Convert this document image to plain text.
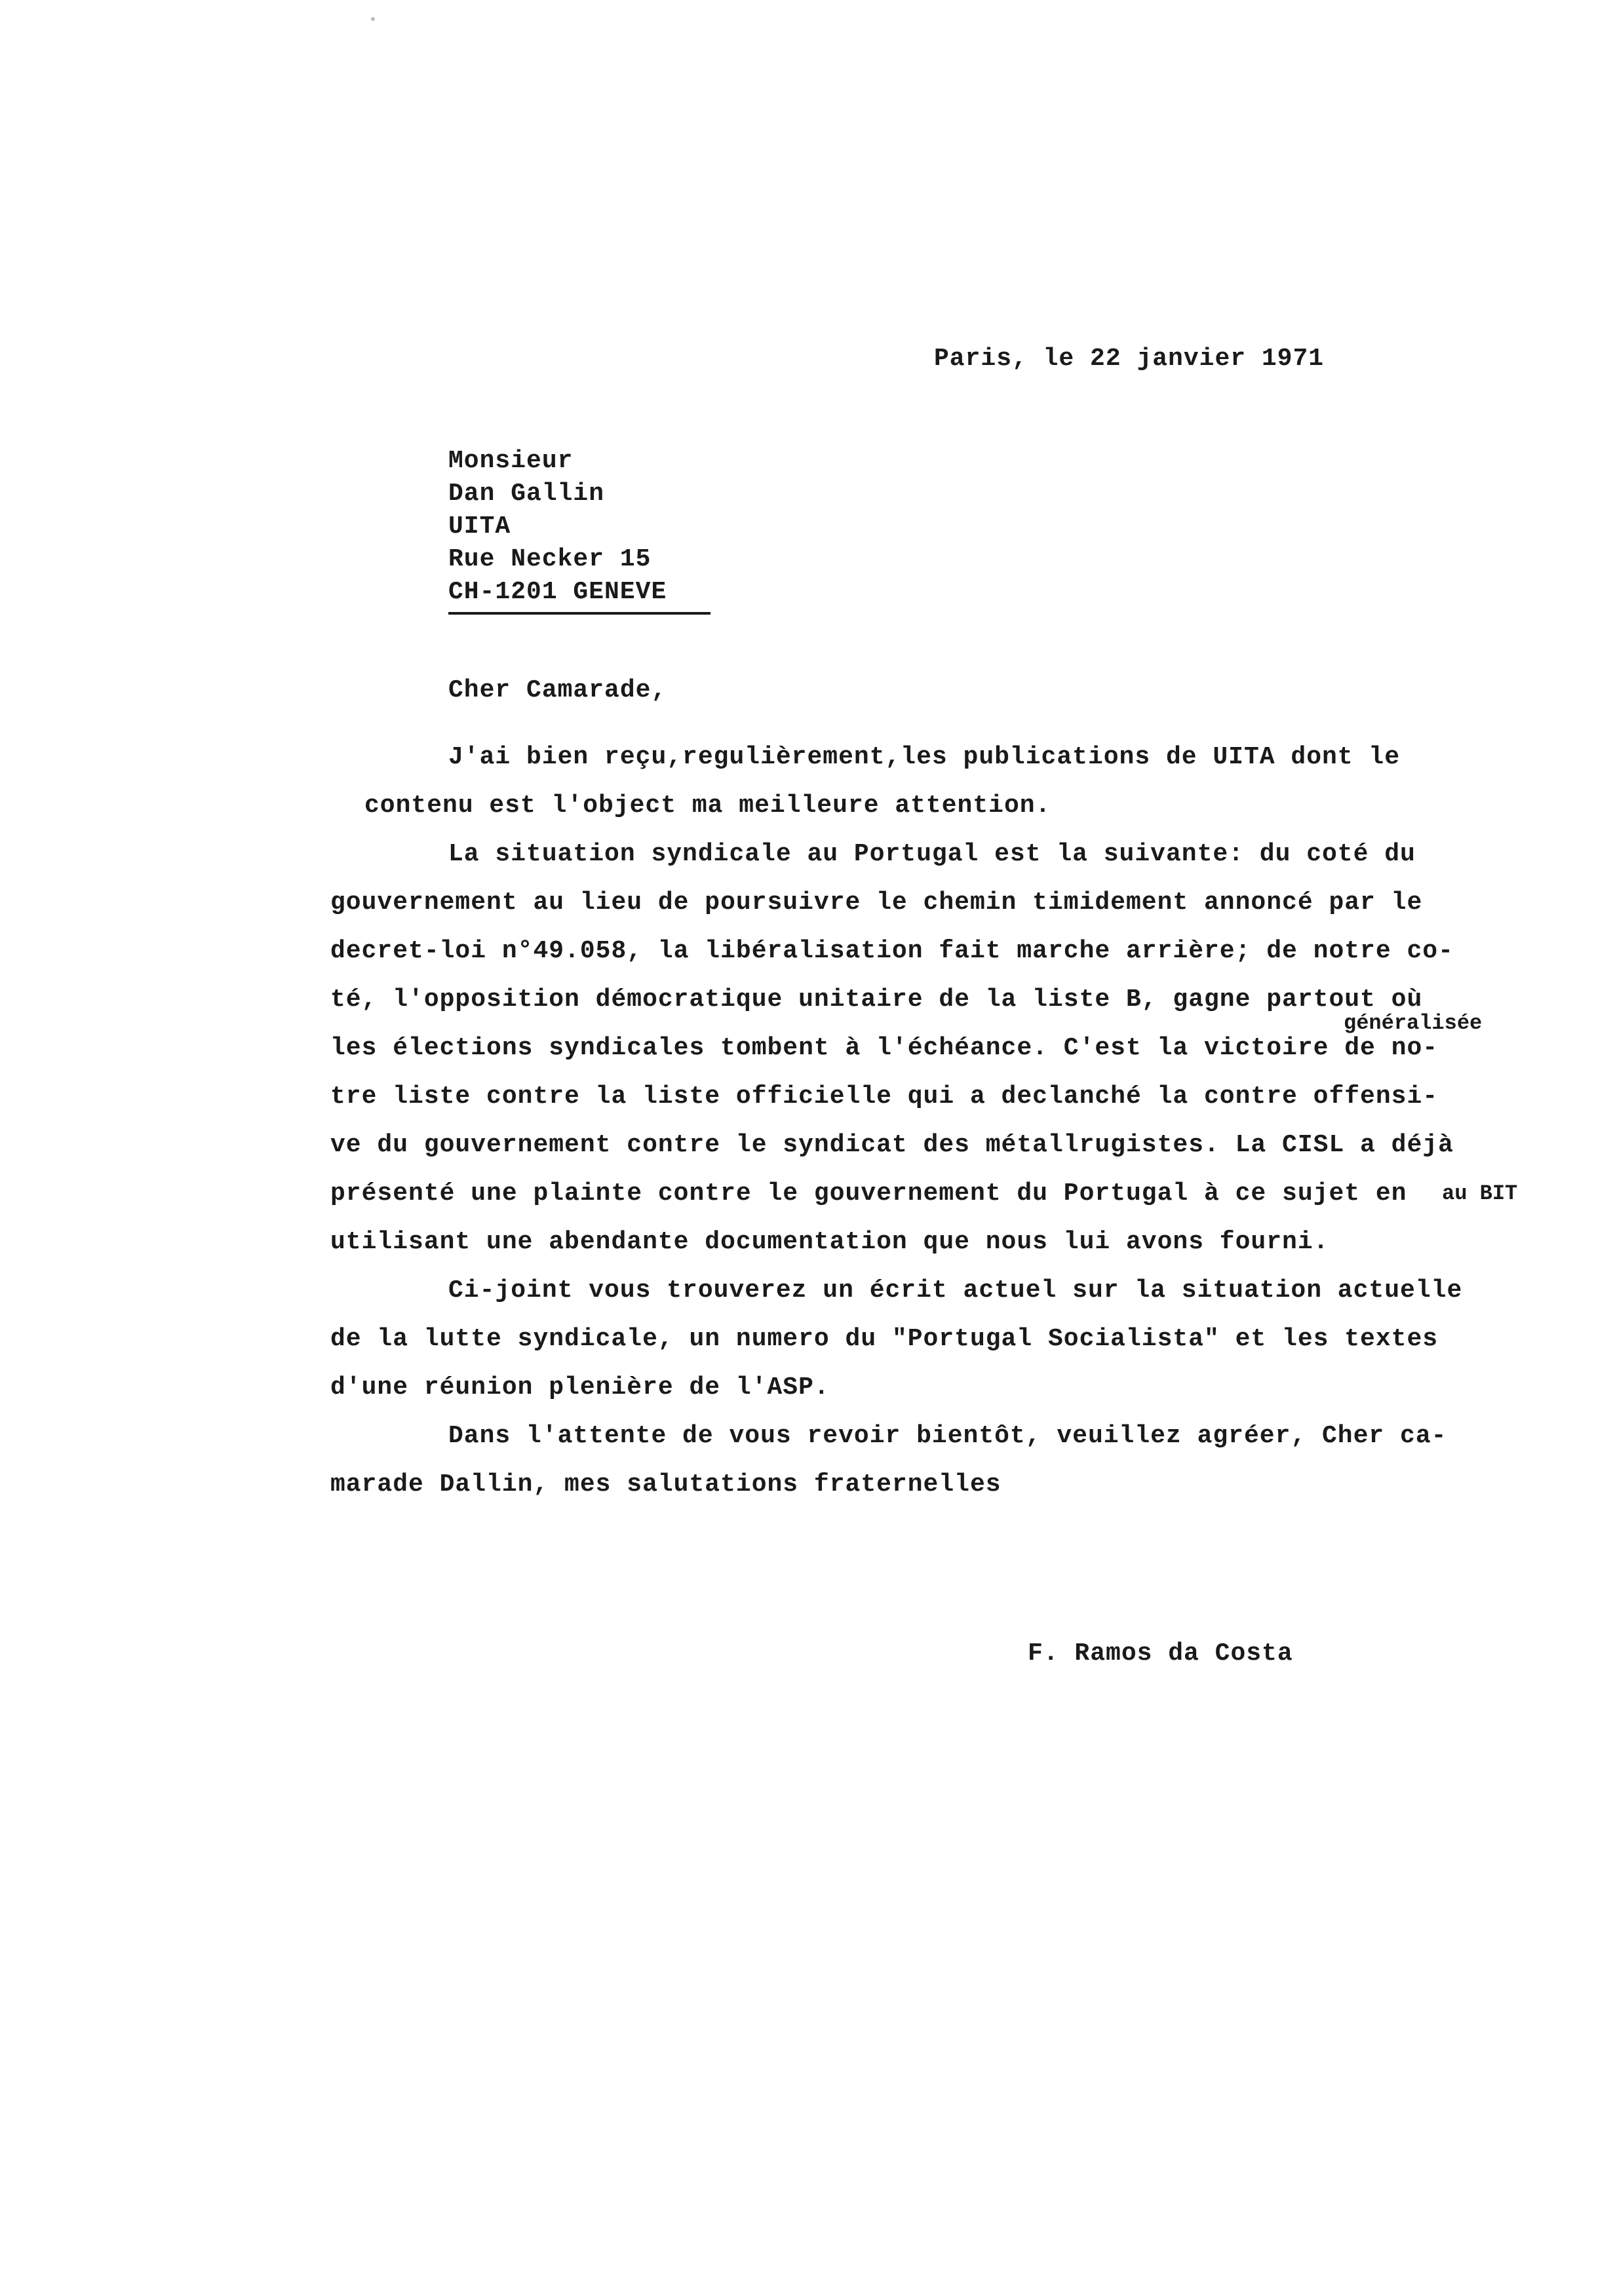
Paris, le 22 janvier 1971
Monsieur
Dan Gallin
UITA
Rue Necker 15
CH-1201 GENEVE
Cher Camarade,
J'ai bien reçu,regulièrement,les publications de UITA dont le
contenu est l'object ma meilleure attention.
La situation syndicale au Portugal est la suivante: du coté du
gouvernement au lieu de poursuivre le chemin timidement annoncé par le
decret-loi n°49.058, la libéralisation fait marche arrière; de notre co-
té, l'opposition démocratique unitaire de la liste B, gagne partout où
généralisée
les élections syndicales tombent à l'échéance. C'est la victoire de no-
tre liste contre la liste officielle qui a declanché la contre offensi-
ve du gouvernement contre le syndicat des métallrugistes. La CISL a déjà
au BIT
présenté une plainte contre le gouvernement du Portugal à ce sujet en
utilisant une abendante documentation que nous lui avons fourni.
Ci-joint vous trouverez un écrit actuel sur la situation actuelle
de la lutte syndicale, un numero du "Portugal Socialista" et les textes
d'une réunion plenière de l'ASP.
Dans l'attente de vous revoir bientôt, veuillez agréer, Cher ca-
marade Dallin, mes salutations fraternelles
F. Ramos da Costa
